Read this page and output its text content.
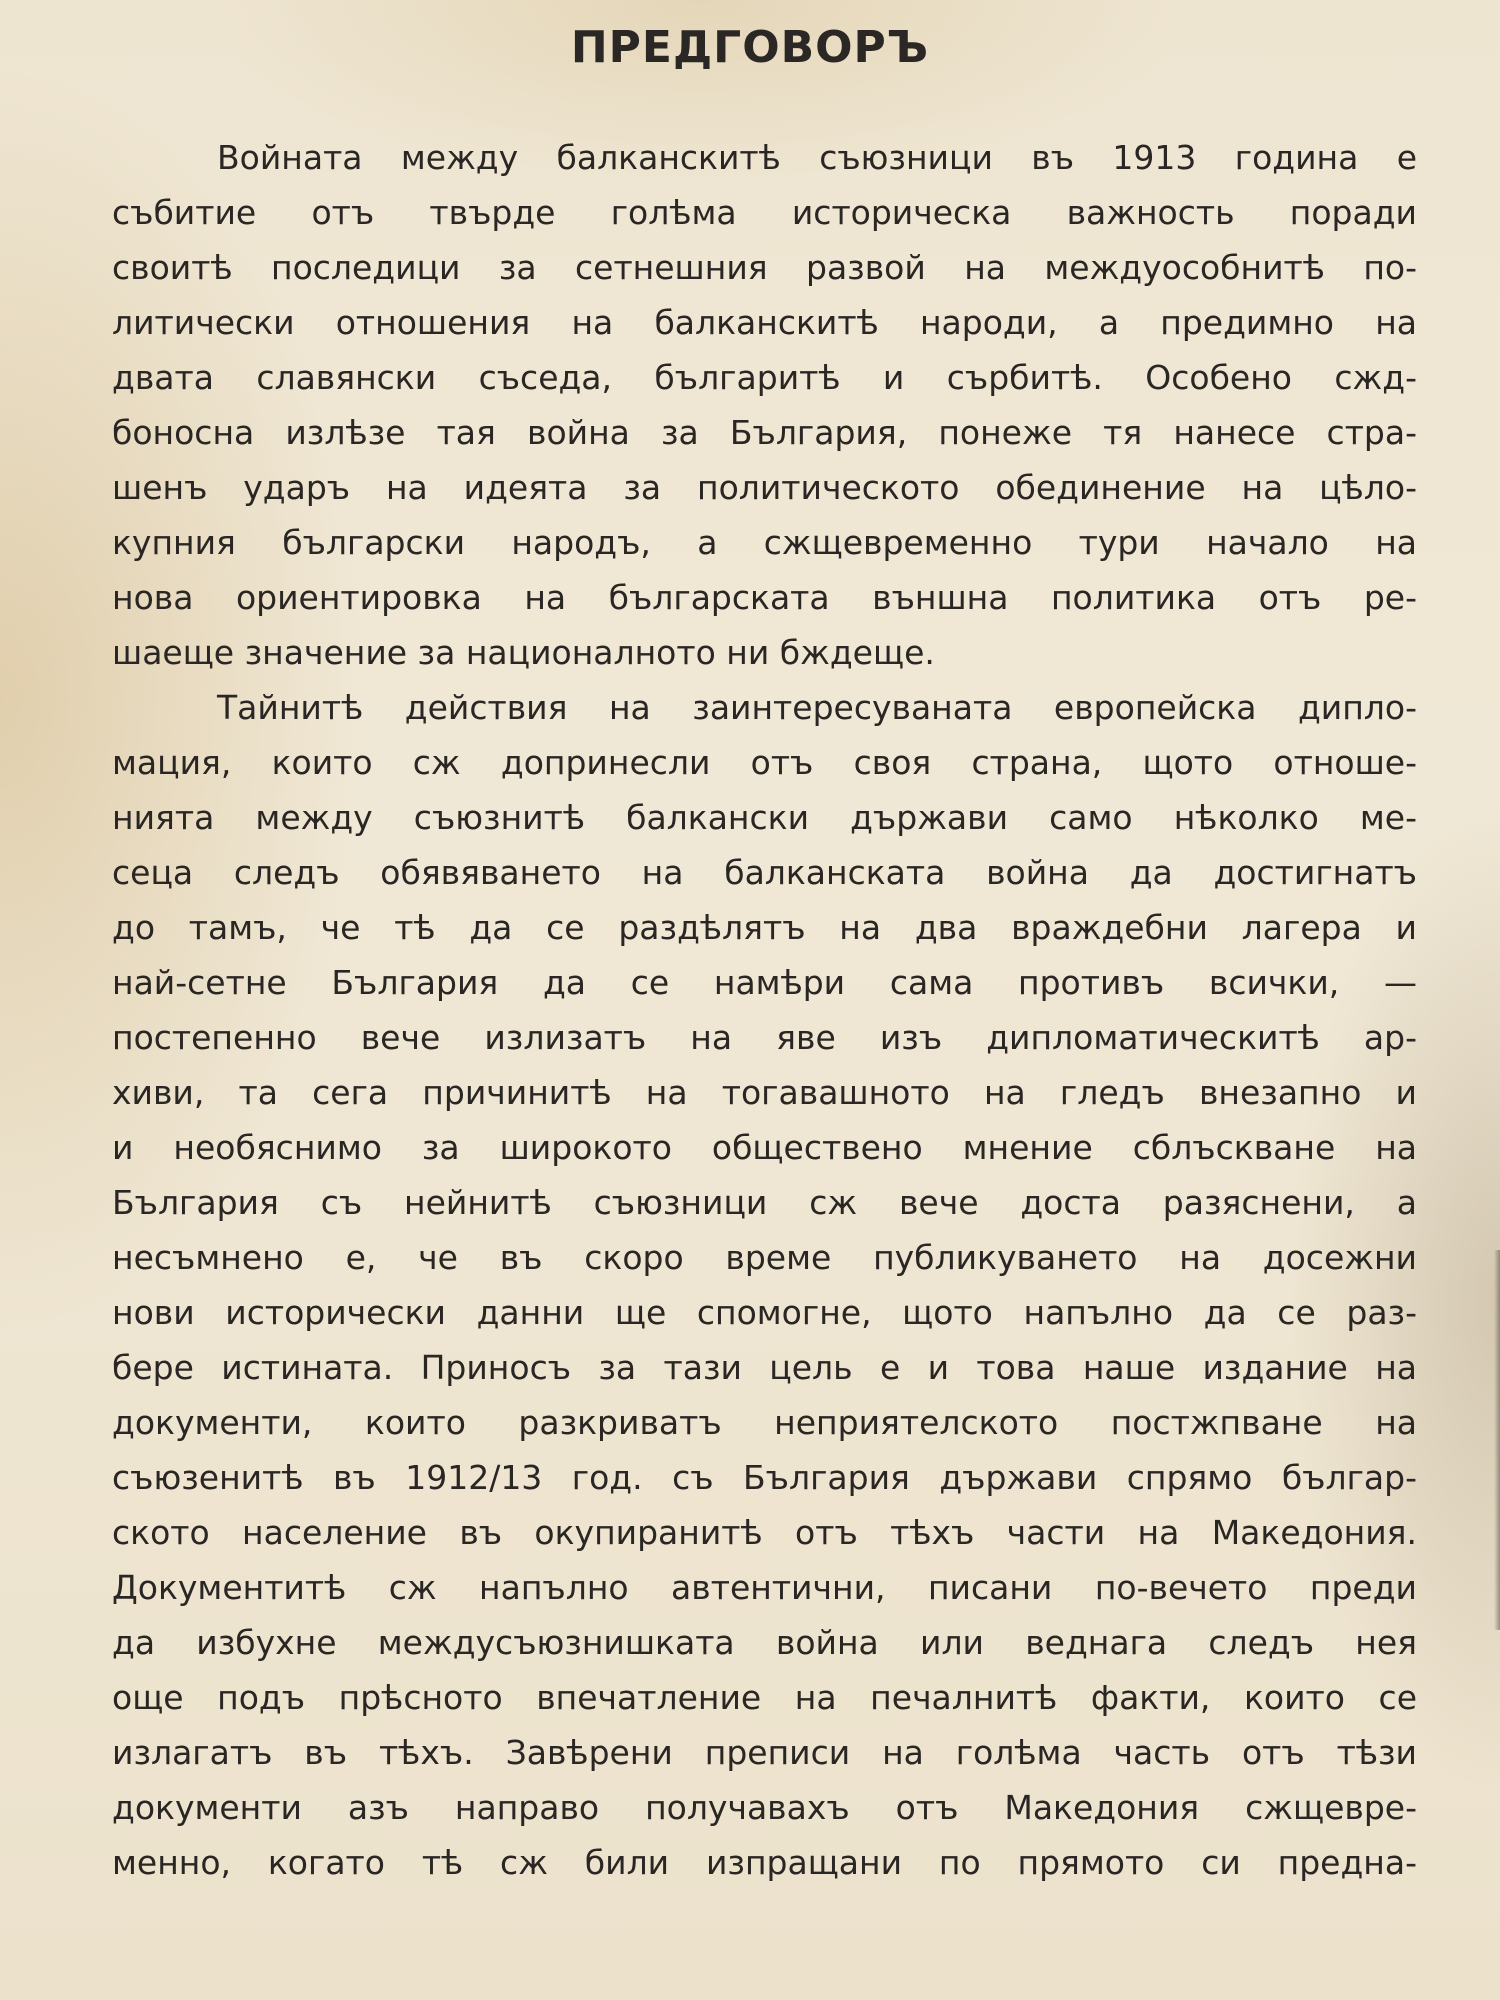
ПРЕДГОВОРЪ
Войната между балканскитѣ съюзници въ 1913 година е
събитие отъ твърде голѣма историческа важность поради
своитѣ последици за сетнешния развой на междуособнитѣ по-
литически отношения на балканскитѣ народи, а предимно на
двата славянски съседа, българитѣ и сърбитѣ. Особено сжд-
боносна излѣзе тая война за България, понеже тя нанесе стра-
шенъ ударъ на идеята за политическото обединение на цѣло-
купния български народъ, а сжщевременно тури начало на
нова ориентировка на българската външна политика отъ ре-
шаеще значение за националното ни бждеще.
Тайнитѣ действия на заинтересуваната европейска дипло-
мация, които сж допринесли отъ своя страна, щото отноше-
нията между съюзнитѣ балкански държави само нѣколко ме-
сеца следъ обявяването на балканската война да достигнатъ
до тамъ, че тѣ да се раздѣлятъ на два враждебни лагера и
най-сетне България да се намѣри сама противъ всички, —
постепенно вече излизатъ на яве изъ дипломатическитѣ ар-
хиви, та сега причинитѣ на тогавашното на гледъ внезапно и
и необяснимо за широкото обществено мнение сблъскване на
България съ нейнитѣ съюзници сж вече доста разяснени, а
несъмнено е, че въ скоро време публикуването на досежни
нови исторически данни ще спомогне, щото напълно да се раз-
бере истината. Приносъ за тази цель е и това наше издание на
документи, които разкриватъ неприятелското постжпване на
съюзенитѣ въ 1912/13 год. съ България държави спрямо българ-
ското население въ окупиранитѣ отъ тѣхъ части на Македония.
Документитѣ сж напълно автентични, писани по-вечето преди
да избухне междусъюзнишката война или веднага следъ нея
още подъ прѣсното впечатление на печалнитѣ факти, които се
излагатъ въ тѣхъ. Завѣрени преписи на голѣма часть отъ тѣзи
документи азъ направо получавахъ отъ Македония сжщевре-
менно, когато тѣ сж били изпращани по прямото си предна-
